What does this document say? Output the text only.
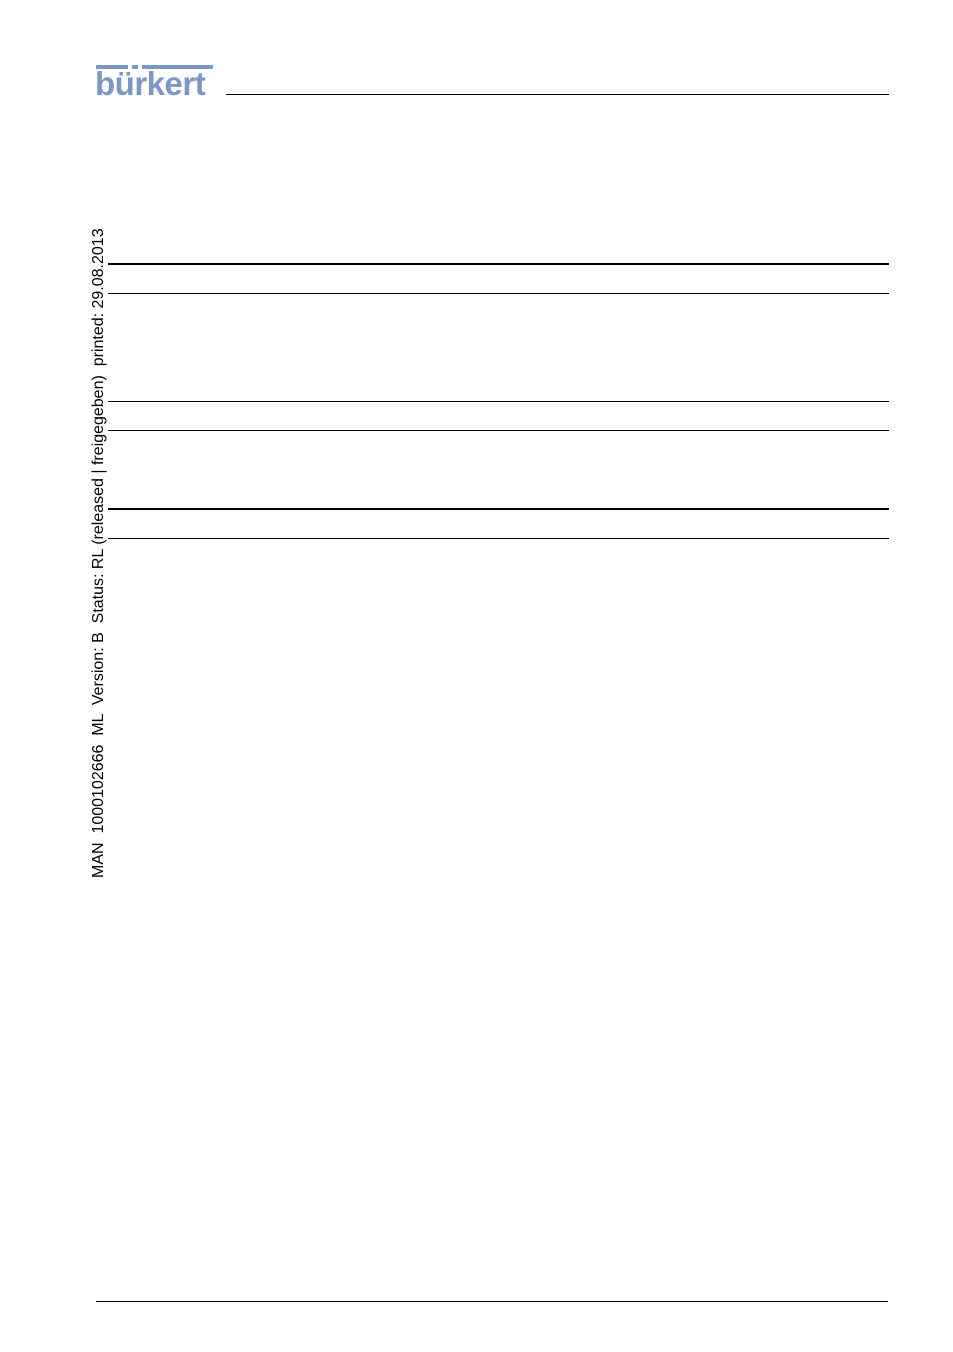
bürkert
MAN  1000102666  ML  Version: B  Status: RL (released | freigegeben)  printed: 29.08.2013
